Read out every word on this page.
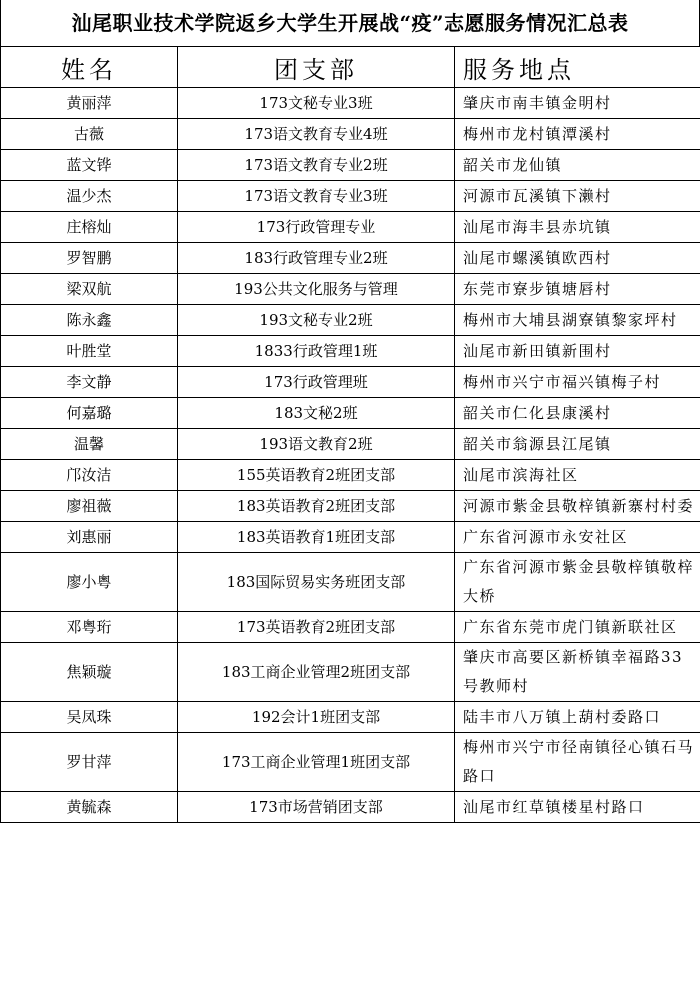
汕尾职业技术学院返乡大学生开展战“疫”志愿服务情况汇总表
姓名	团支部	服务地点
黄丽萍	173文秘专业3班	肇庆市南丰镇金明村
古薇	173语文教育专业4班	梅州市龙村镇潭溪村
蓝文铧	173语文教育专业2班	韶关市龙仙镇
温少杰	173语文教育专业3班	河源市瓦溪镇下濑村
庄榕灿	173行政管理专业	汕尾市海丰县赤坑镇
罗智鹏	183行政管理专业2班	汕尾市螺溪镇欧西村
梁双航	193公共文化服务与管理	东莞市寮步镇塘唇村
陈永鑫	193文秘专业2班	梅州市大埔县湖寮镇黎家坪村
叶胜堂	1833行政管理1班	汕尾市新田镇新围村
李文静	173行政管理班	梅州市兴宁市福兴镇梅子村
何嘉璐	183文秘2班	韶关市仁化县康溪村
温馨	193语文教育2班	韶关市翁源县江尾镇
邝汝洁	155英语教育2班团支部	汕尾市滨海社区
廖祖薇	183英语教育2班团支部	河源市紫金县敬梓镇新寨村村委
刘惠丽	183英语教育1班团支部	广东省河源市永安社区
廖小粤	183国际贸易实务班团支部	广东省河源市紫金县敬梓镇敬梓大桥
邓粤珩	173英语教育2班团支部	广东省东莞市虎门镇新联社区
焦颖璇	183工商企业管理2班团支部	肇庆市高要区新桥镇幸福路33号教师村
吴凤珠	192会计1班团支部	陆丰市八万镇上葫村委路口
罗甘萍	173工商企业管理1班团支部	梅州市兴宁市径南镇径心镇石马路口
黄毓森	173市场营销团支部	汕尾市红草镇楼星村路口
